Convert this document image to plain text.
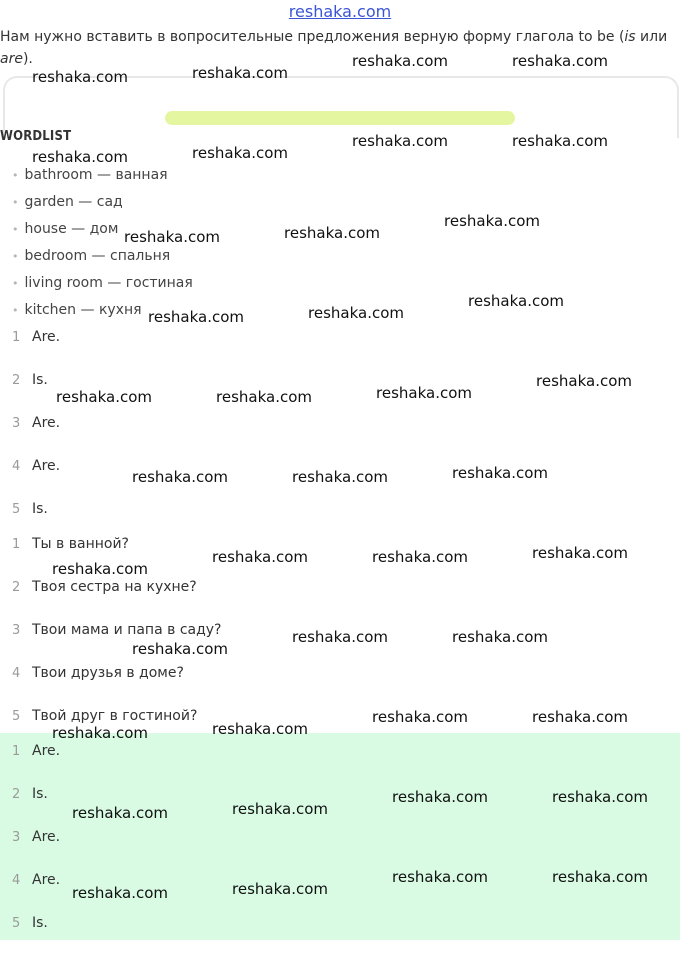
reshaka.com
Нам нужно вставить в вопросительные предложения верную форму глагола to be (is или are).
WORDLIST
• bathroom — ванная
• garden — сад
• house — дом
• bedroom — спальня
• living room — гостиная
• kitchen — кухня
1 Are.
2 Is.
3 Are.
4 Are.
5 Is.
1 Ты в ванной?
2 Твоя сестра на кухне?
3 Твои мама и папа в саду?
4 Твои друзья в доме?
5 Твой друг в гостиной?
1 Are.
2 Is.
3 Are.
4 Are.
5 Is.
reshaka.com	reshaka.com
reshaka.com	reshaka.com
reshaka.com	reshaka.com
reshaka.com	reshaka.com
reshaka.com	reshaka.com
reshaka.com
reshaka.com	reshaka.com
reshaka.com
reshaka.com	reshaka.com	reshaka.com
reshaka.com
reshaka.com	reshaka.com	reshaka.com
reshaka.com	reshaka.com	reshaka.com
reshaka.com
reshaka.com	reshaka.com
reshaka.com
reshaka.com	reshaka.com
reshaka.com	reshaka.com
reshaka.com	reshaka.com
reshaka.com	reshaka.com
reshaka.com	reshaka.com
reshaka.com	reshaka.com
